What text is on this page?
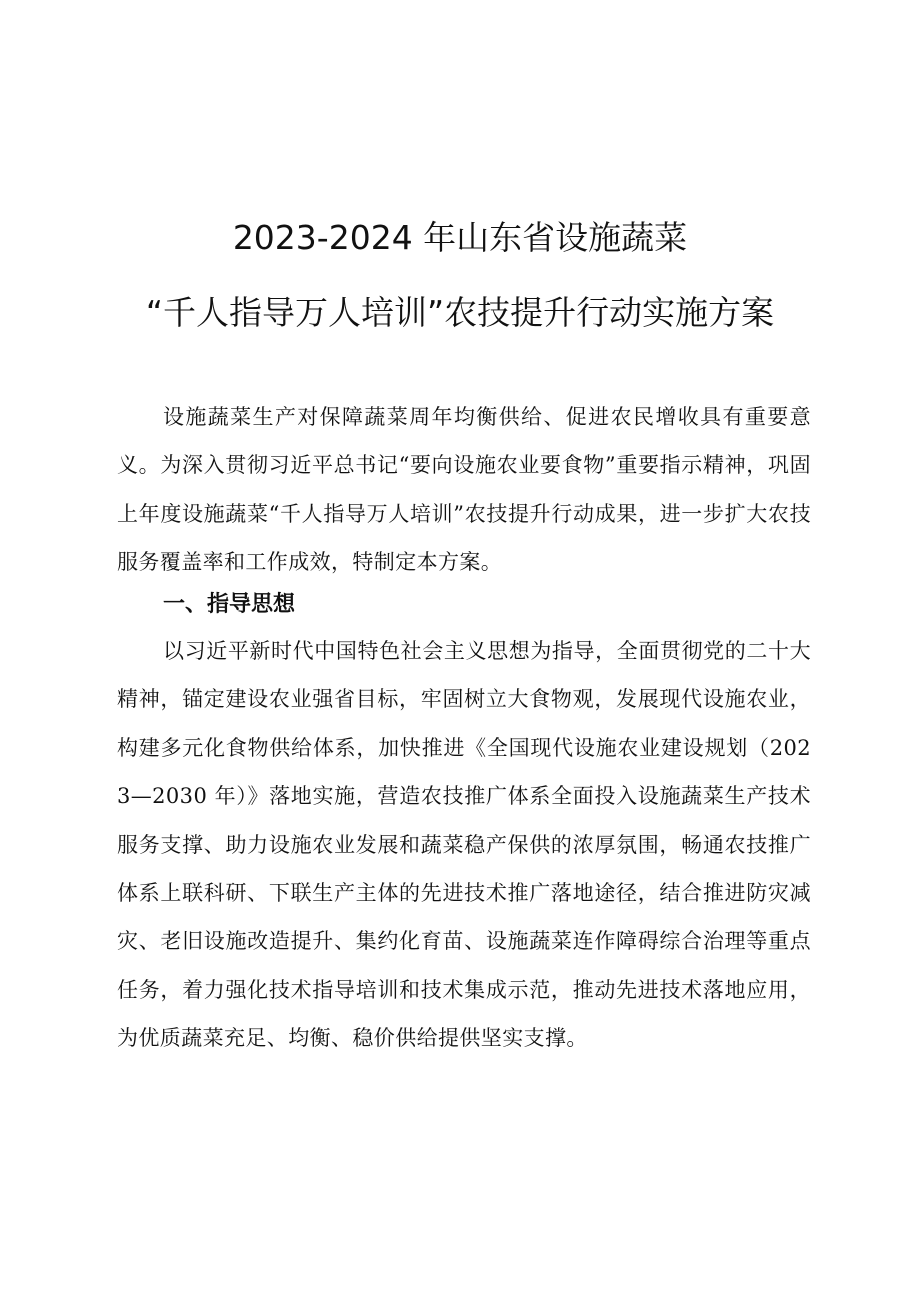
2023-2024 年山东省设施蔬菜
“千人指导万人培训”农技提升行动实施方案

设施蔬菜生产对保障蔬菜周年均衡供给、促进农民增收具有重要意义。为深入贯彻习近平总书记“要向设施农业要食物”重要指示精神，巩固上年度设施蔬菜“千人指导万人培训”农技提升行动成果，进一步扩大农技服务覆盖率和工作成效，特制定本方案。

一、指导思想

以习近平新时代中国特色社会主义思想为指导，全面贯彻党的二十大精神，锚定建设农业强省目标，牢固树立大食物观，发展现代设施农业，构建多元化食物供给体系，加快推进《全国现代设施农业建设规划（2023—2030 年）》落地实施，营造农技推广体系全面投入设施蔬菜生产技术服务支撑、助力设施农业发展和蔬菜稳产保供的浓厚氛围，畅通农技推广体系上联科研、下联生产主体的先进技术推广落地途径，结合推进防灾减灾、老旧设施改造提升、集约化育苗、设施蔬菜连作障碍综合治理等重点任务，着力强化技术指导培训和技术集成示范，推动先进技术落地应用，为优质蔬菜充足、均衡、稳价供给提供坚实支撑。
